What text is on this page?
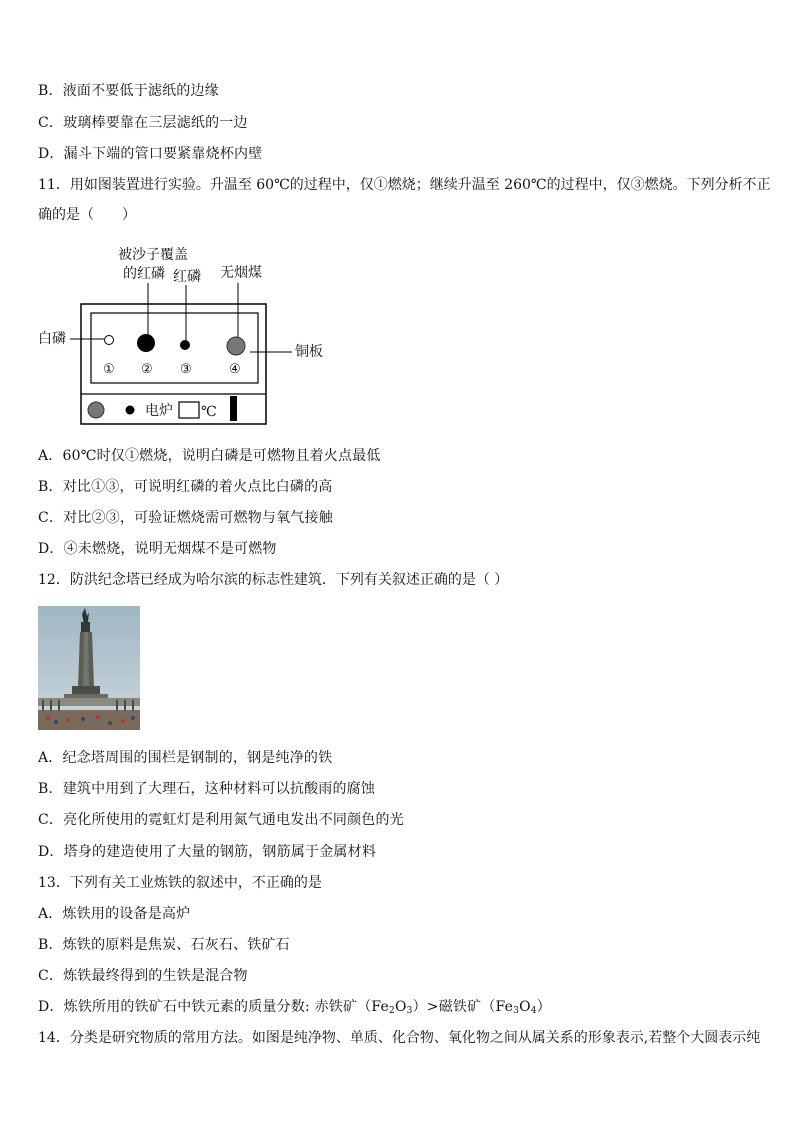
B．液面不要低于滤纸的边缘
C．玻璃棒要靠在三层滤纸的一边
D．漏斗下端的管口要紧靠烧杯内壁
11．用如图装置进行实验。升温至 60℃的过程中，仅①燃烧；继续升温至 260℃的过程中，仅③燃烧。下列分析不正
确的是（　　）
被沙子覆盖
的红磷 红磷 无烟煤
白磷
铜板
① ② ③	④
电炉 ℃
A．60℃时仅①燃烧，说明白磷是可燃物且着火点最低
B．对比①③，可说明红磷的着火点比白磷的高
C．对比②③，可验证燃烧需可燃物与氧气接触
D．④未燃烧，说明无烟煤不是可燃物
12．防洪纪念塔已经成为哈尔滨的标志性建筑．下列有关叙述正确的是（ ）
A．纪念塔周围的围栏是钢制的，钢是纯净的铁
B．建筑中用到了大理石，这种材料可以抗酸雨的腐蚀
C．亮化所使用的霓虹灯是利用氮气通电发出不同颜色的光
D．塔身的建造使用了大量的钢筋，钢筋属于金属材料
13．下列有关工业炼铁的叙述中，不正确的是
A．炼铁用的设备是高炉
B．炼铁的原料是焦炭、石灰石、铁矿石
C．炼铁最终得到的生铁是混合物
D．炼铁所用的铁矿石中铁元素的质量分数: 赤铁矿$(Fe_2O_3)>$磁铁矿$(Fe_3O_4)$
14．分类是研究物质的常用方法。如图是纯净物、单质、化合物、氧化物之间从属关系的形象表示,若整个大圆表示纯
